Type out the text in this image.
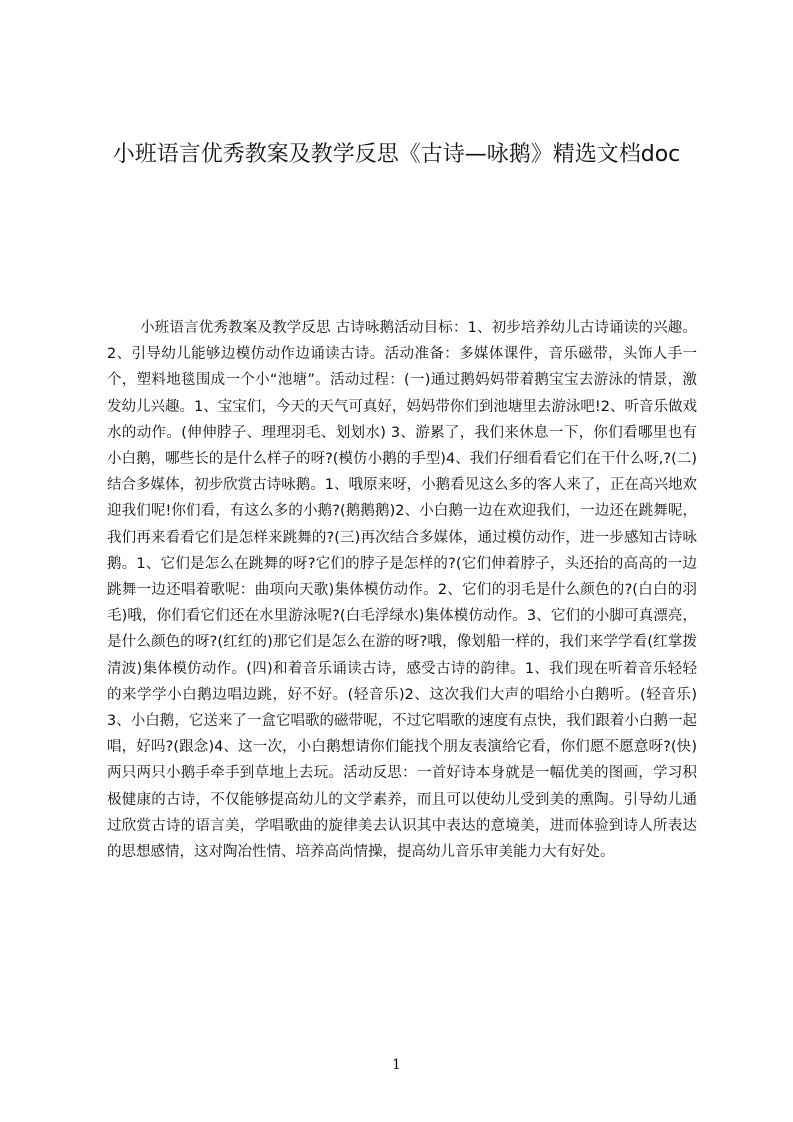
小班语言优秀教案及教学反思《古诗—咏鹅》精选文档doc

小班语言优秀教案及教学反思 古诗咏鹅活动目标：1、初步培养幼儿古诗诵读的兴趣。2、引导幼儿能够边模仿动作边诵读古诗。活动准备：多媒体课件，音乐磁带，头饰人手一个，塑料地毯围成一个小“池塘”。活动过程：(一)通过鹅妈妈带着鹅宝宝去游泳的情景，激发幼儿兴趣。1、宝宝们，今天的天气可真好，妈妈带你们到池塘里去游泳吧!2、听音乐做戏水的动作。(伸伸脖子、理理羽毛、划划水) 3、游累了，我们来休息一下，你们看哪里也有小白鹅，哪些长的是什么样子的呀?(模仿小鹅的手型)4、我们仔细看看它们在干什么呀,?(二)结合多媒体，初步欣赏古诗咏鹅。1、哦原来呀，小鹅看见这么多的客人来了，正在高兴地欢迎我们呢!你们看，有这么多的小鹅?(鹅鹅鹅)2、小白鹅一边在欢迎我们，一边还在跳舞呢，我们再来看看它们是怎样来跳舞的?(三)再次结合多媒体，通过模仿动作，进一步感知古诗咏鹅。1、它们是怎么在跳舞的呀?它们的脖子是怎样的?(它们伸着脖子，头还抬的高高的一边跳舞一边还唱着歌呢：曲项向天歌)集体模仿动作。2、它们的羽毛是什么颜色的?(白白的羽毛)哦，你们看它们还在水里游泳呢?(白毛浮绿水)集体模仿动作。3、它们的小脚可真漂亮，是什么颜色的呀?(红红的)那它们是怎么在游的呀?哦，像划船一样的，我们来学学看(红掌拨清波)集体模仿动作。(四)和着音乐诵读古诗，感受古诗的韵律。1、我们现在听着音乐轻轻的来学学小白鹅边唱边跳，好不好。(轻音乐)2、这次我们大声的唱给小白鹅听。(轻音乐)3、小白鹅，它送来了一盒它唱歌的磁带呢，不过它唱歌的速度有点快，我们跟着小白鹅一起唱，好吗?(跟念)4、这一次，小白鹅想请你们能找个朋友表演给它看，你们愿不愿意呀?(快)两只两只小鹅手牵手到草地上去玩。活动反思：一首好诗本身就是一幅优美的图画，学习积极健康的古诗，不仅能够提高幼儿的文学素养，而且可以使幼儿受到美的熏陶。引导幼儿通过欣赏古诗的语言美，学唱歌曲的旋律美去认识其中表达的意境美，进而体验到诗人所表达的思想感情，这对陶冶性情、培养高尚情操，提高幼儿音乐审美能力大有好处。

1
